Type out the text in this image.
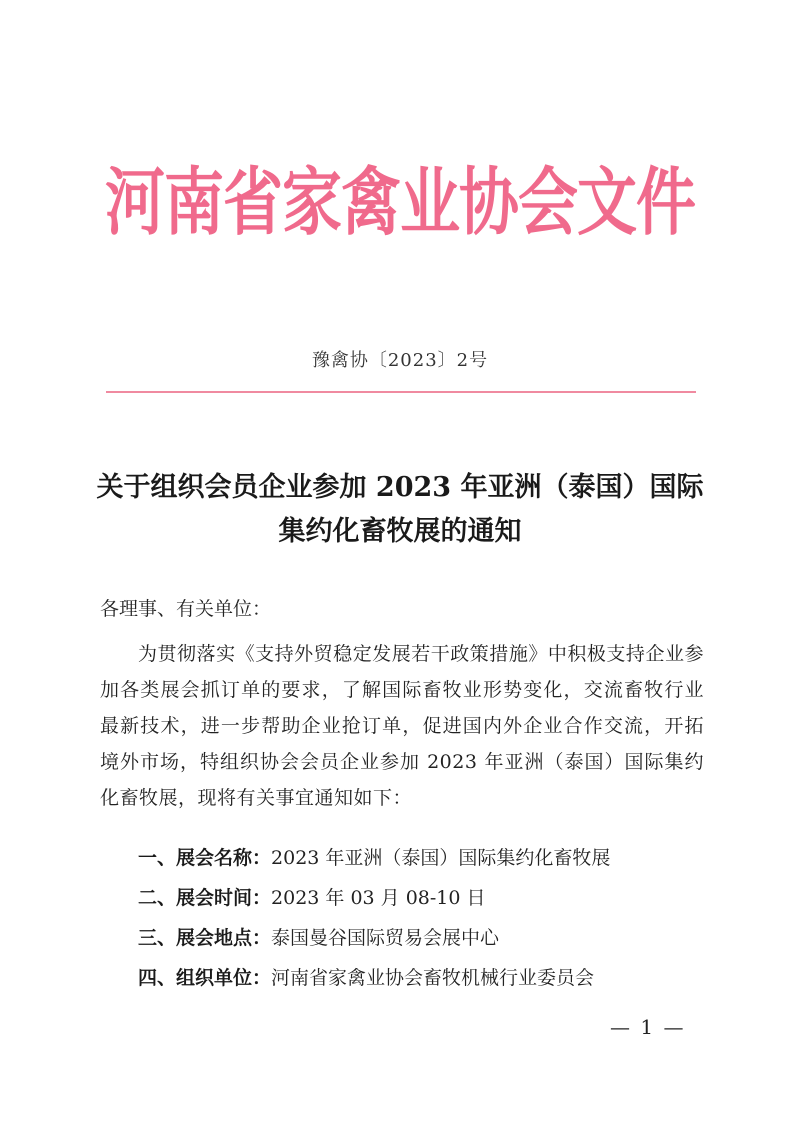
河南省家禽业协会文件
豫禽协〔2023〕2号
关于组织会员企业参加 2023 年亚洲（泰国）国际集约化畜牧展的通知
各理事、有关单位：
为贯彻落实《支持外贸稳定发展若干政策措施》中积极支持企业参加各类展会抓订单的要求，了解国际畜牧业形势变化，交流畜牧行业最新技术，进一步帮助企业抢订单，促进国内外企业合作交流，开拓境外市场，特组织协会会员企业参加 2023 年亚洲（泰国）国际集约化畜牧展，现将有关事宜通知如下：
一、展会名称：2023 年亚洲（泰国）国际集约化畜牧展
二、展会时间：2023 年 03 月 08-10 日
三、展会地点：泰国曼谷国际贸易会展中心
四、组织单位：河南省家禽业协会畜牧机械行业委员会
— 1 —
